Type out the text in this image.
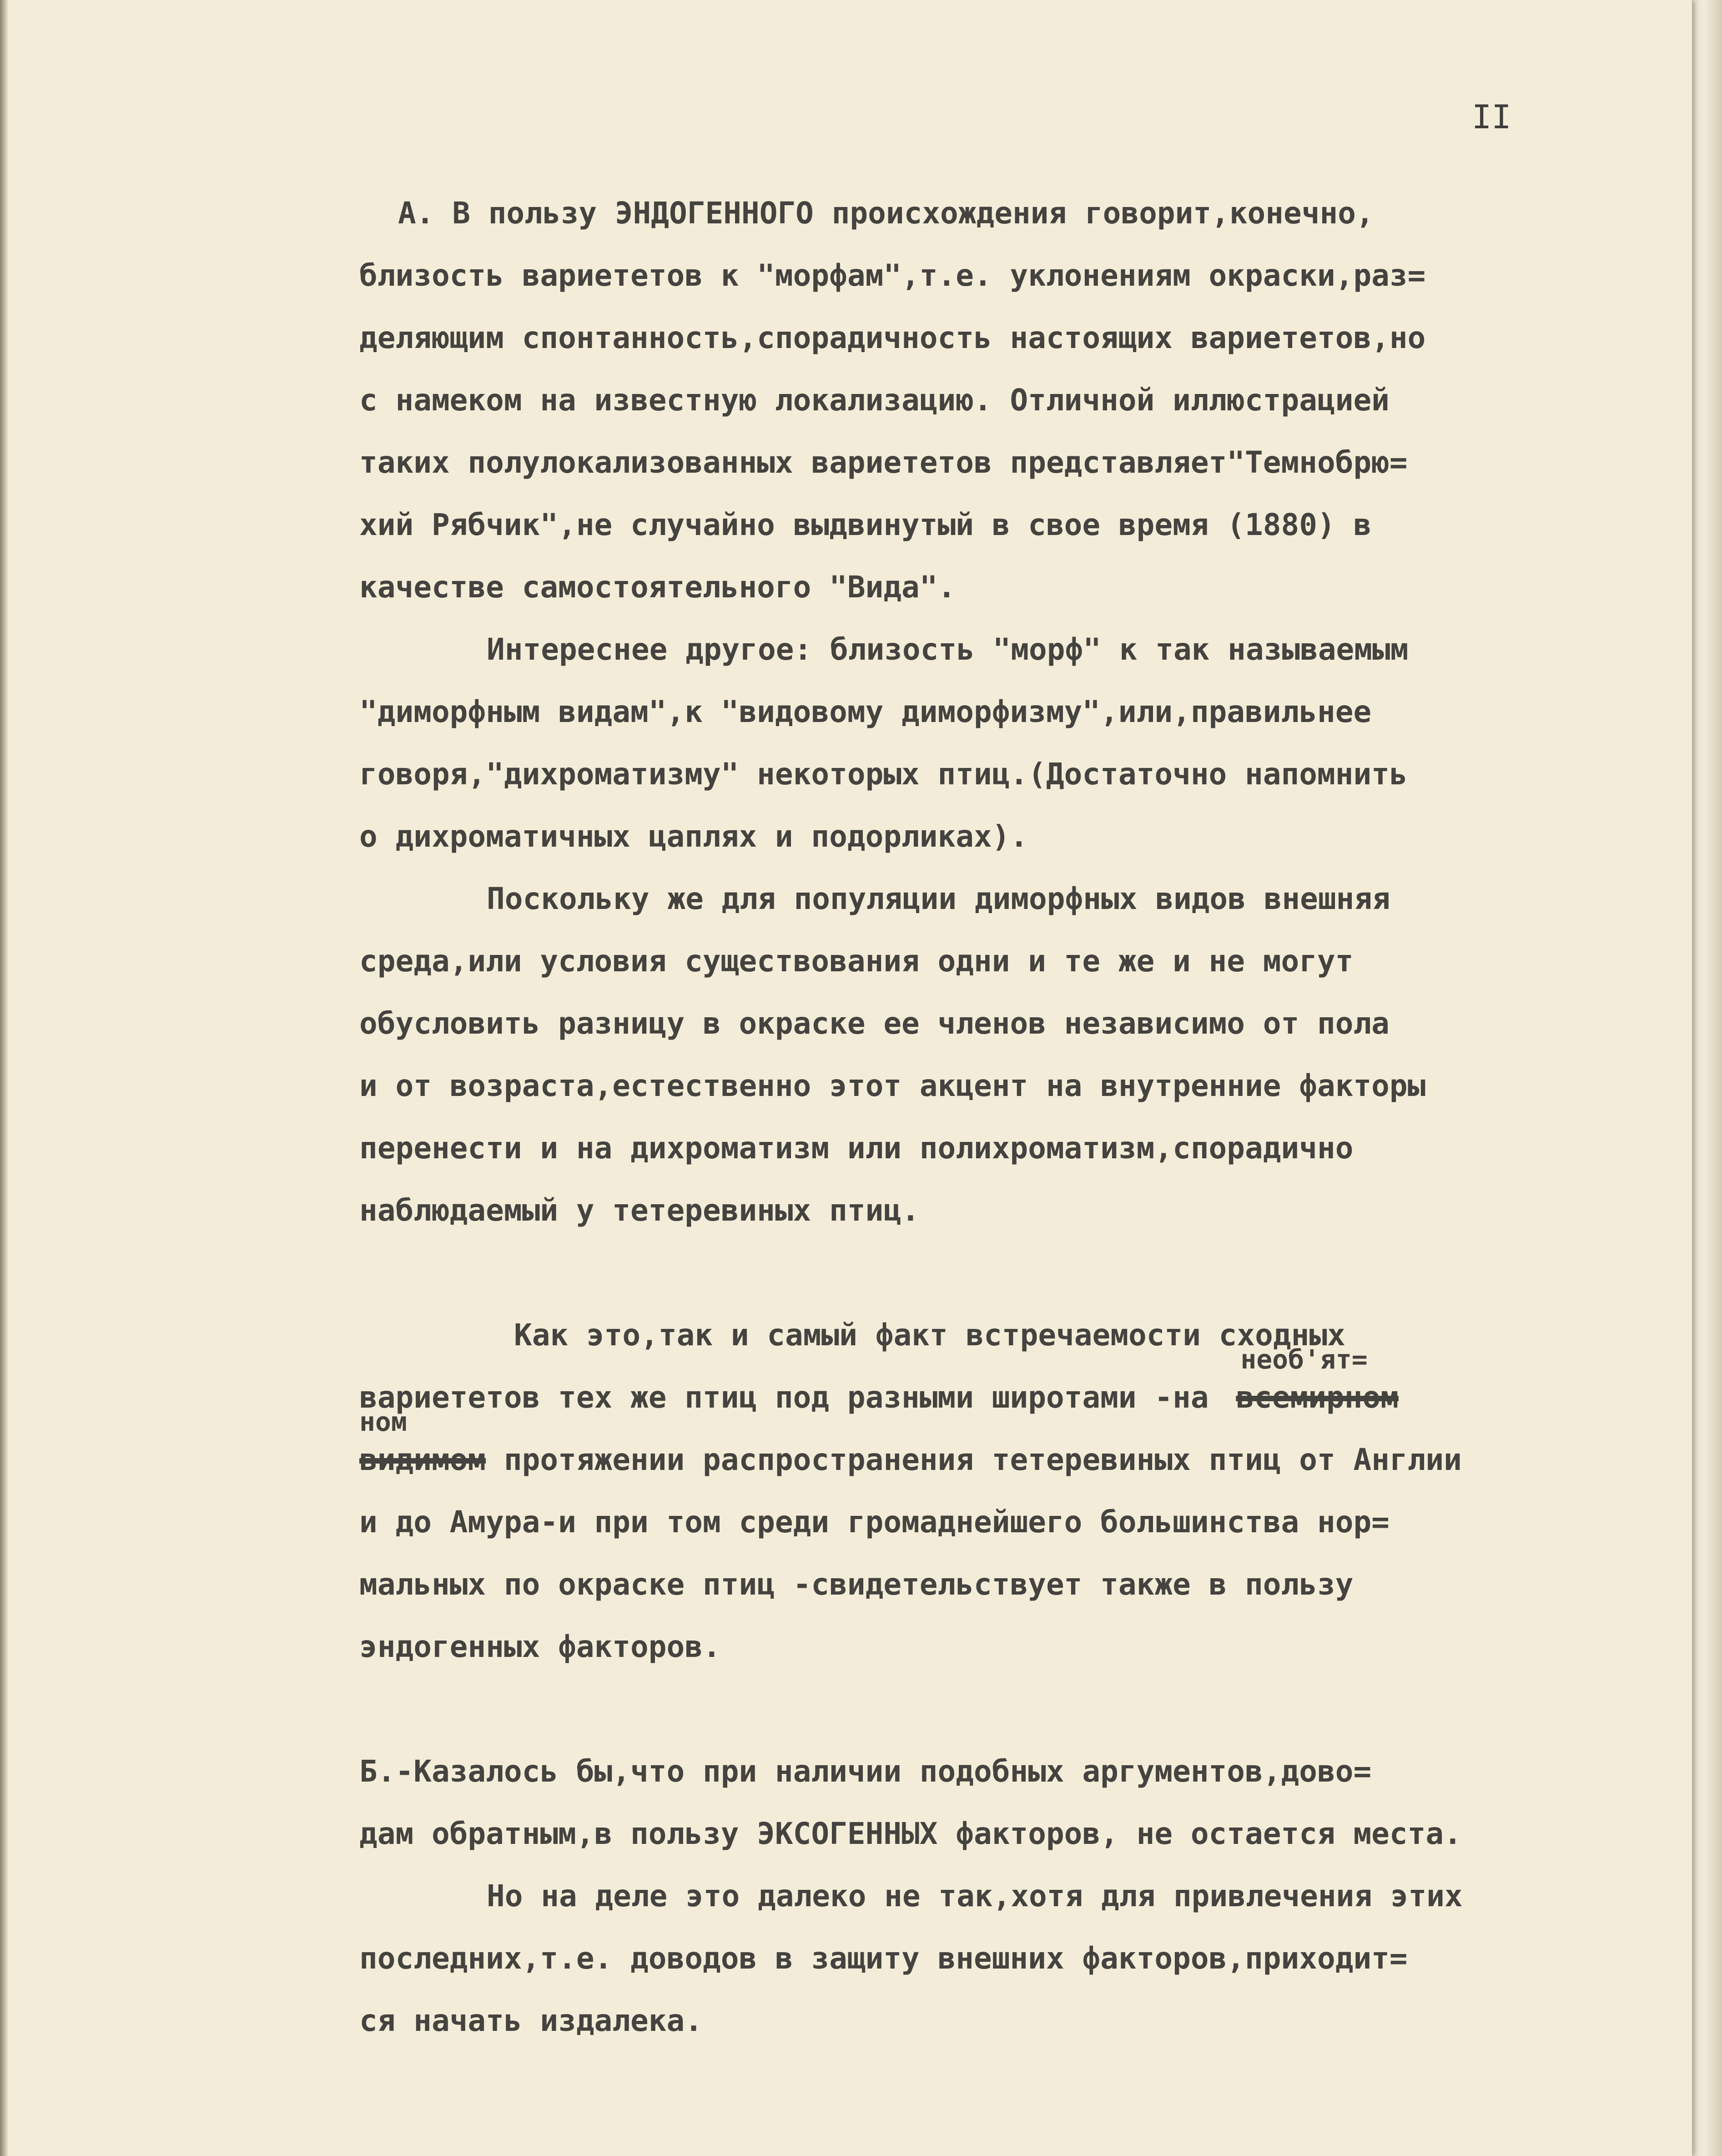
II
А. В пользу ЭНДОГЕННОГО происхождения говорит,конечно,
близость вариететов к "морфам",т.е. уклонениям окраски,раз=
деляющим спонтанность,спорадичность настоящих вариететов,но
с намеком на известную локализацию. Отличной иллюстрацией
таких полулокализованных вариететов представляет"Темнобрю=
хий Рябчик",не случайно выдвинутый в свое время (1880) в
качестве самостоятельного "Вида".
Интереснее другое: близость "морф" к так называемым
"диморфным видам",к "видовому диморфизму",или,правильнее
говоря,"дихроматизму" некоторых птиц.(Достаточно напомнить
о дихроматичных цаплях и подорликах).
Поскольку же для популяции диморфных видов внешняя
среда,или условия существования одни и те же и не могут
обусловить разницу в окраске ее членов независимо от пола
и от возраста,естественно этот акцент на внутренние факторы
перенести и на дихроматизм или полихроматизм,спорадично
наблюдаемый у тетеревиных птиц.
Как это,так и самый факт встречаемости сходных
вариететов тех же птиц под разными широтами -на
необ'ят=
всемирном
ном
видимом протяжении распространения тетеревиных птиц от Англии
и до Амура-и при том среди громаднейшего большинства нор=
мальных по окраске птиц -свидетельствует также в пользу
эндогенных факторов.
Б.-Казалось бы,что при наличии подобных аргументов,дово=
дам обратным,в пользу ЭКСОГЕННЫХ факторов, не остается места.
Но на деле это далеко не так,хотя для привлечения этих
последних,т.е. доводов в защиту внешних факторов,приходит=
ся начать издалека.
